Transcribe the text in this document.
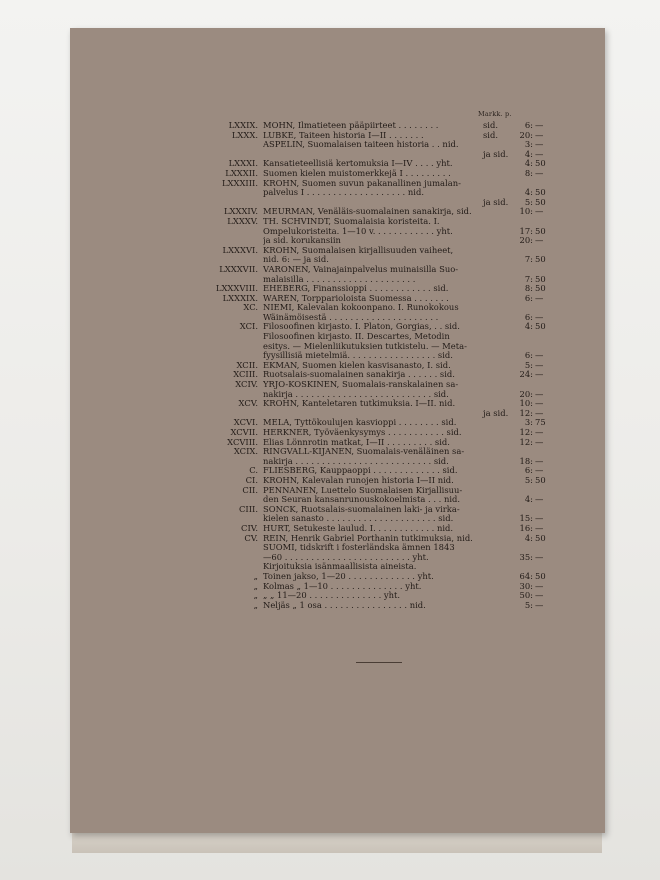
Markk. p.
LXXIX. MOHN, Ilmatieteen pääpiirteet . . . . . . . .	sid.	6: —
LXXX. LÜBKE, Taiteen historia I—II . . . . . . .	sid.	20: —
ASPELIN, Suomalaisen taiteen historia . . nid.	3: —
ja sid.	4: —
LXXXI. Kansatieteellisiä kertomuksia I—IV . . . . yht.	4: 50
LXXXII. Suomen kielen muistomerkkejä I . . . . . . . . .	8: —
LXXXIII. KROHN, Suomen suvun pakanallinen jumalan-
palvelus I . . . . . . . . . . . . . . . . . . . nid.	4: 50
ja sid.	5: 50
LXXXIV. MEURMAN, Venäläis-suomalainen sanakirja, sid.	10: —
LXXXV. TH. SCHVINDT, Suomalaisia koristeita. I.
Ompelukoristeita. 1—10 v. . . . . . . . . . . . yht.	17: 50
ja sid. korukansiin	20: —
LXXXVI. KROHN, Suomalaisen kirjallisuuden vaiheet,
nid. 6: — ja sid.	7: 50
LXXXVII. VARONEN, Vainajainpalvelus muinaisilla Suo-
malaisilla . . . . . . . . . . . . . . . . . . . . .	7: 50
LXXXVIII. EHEBERG, Finanssioppi . . . . . . . . . . . . sid.	8: 50
LXXXIX. WARÉN, Torpparioloista Suomessa . . . . . . .	6: —
XC. NIEMI, Kalevalan kokoonpano. I. Runokokous
Wäinämöisestä . . . . . . . . . . . . . . . . . . . . .	6: —
XCI. Filosoofinen kirjasto. I. Platon, Gorgias, . . sid.	4: 50
Filosoofinen kirjasto. II. Descartes, Metodin
esitys. — Mielenliikutuksien tutkistelu. — Meta-
fyysillisiä mietelmiä. . . . . . . . . . . . . . . . . sid.	6: —
XCII. EKMAN, Suomen kielen kasvisanasto, I. sid.	5: —
XCIII. Ruotsalais-suomalainen sanakirja . . . . . . sid.	24: —
XCIV. YRJÖ-KOSKINEN, Suomalais-ranskalainen sa-
nakirja . . . . . . . . . . . . . . . . . . . . . . . . . . sid.	20: —
XCV. KROHN, Kanteletaren tutkimuksia. I—II. nid.	10: —
ja sid.	12: —
XCVI. MELA, Tyttökoulujen kasvioppi . . . . . . . . sid.	3: 75
XCVII. HERKNER, Työväenkysymys . . . . . . . . . . . sid.	12: —
XCVIII. Elias Lönnrotin matkat, I—II . . . . . . . . . sid.	12: —
XCIX. RINGVALL-KIJANEN, Suomalais-venäläinen sa-
nakirja . . . . . . . . . . . . . . . . . . . . . . . . . . sid.	18: —
C. FLIESBERG, Kauppaoppi . . . . . . . . . . . . . sid.	6: —
CI. KROHN, Kalevalan runojen historia I—II nid.	5: 50
CII. PENNANEN, Luettelo Suomalaisen Kirjallisuu-
den Seuran kansanrunouskokoelmista . . . nid.	4: —
CIII. SONCK, Ruotsalais-suomalainen laki- ja virka-
kielen sanasto . . . . . . . . . . . . . . . . . . . . . sid.	15: —
CIV. HURT, Setukeste laulud. I. . . . . . . . . . . . nid.	16: —
CV. REIN, Henrik Gabriel Porthanin tutkimuksia, nid.	4: 50
SUOMI, tidskrift i fosterländska ämnen 1843
—60 . . . . . . . . . . . . . . . . . . . . . . . . yht.	35: —
Kirjoituksia isänmaallisista aineista.
„ Toinen jakso, 1—20 . . . . . . . . . . . . . yht.	64: 50
„ Kolmas „ 1—10 . . . . . . . . . . . . . . yht.	30: —
„ „ „ 11—20 . . . . . . . . . . . . . . yht.	50: —
„ Neljäs „ 1 osa . . . . . . . . . . . . . . . . nid.	5: —
